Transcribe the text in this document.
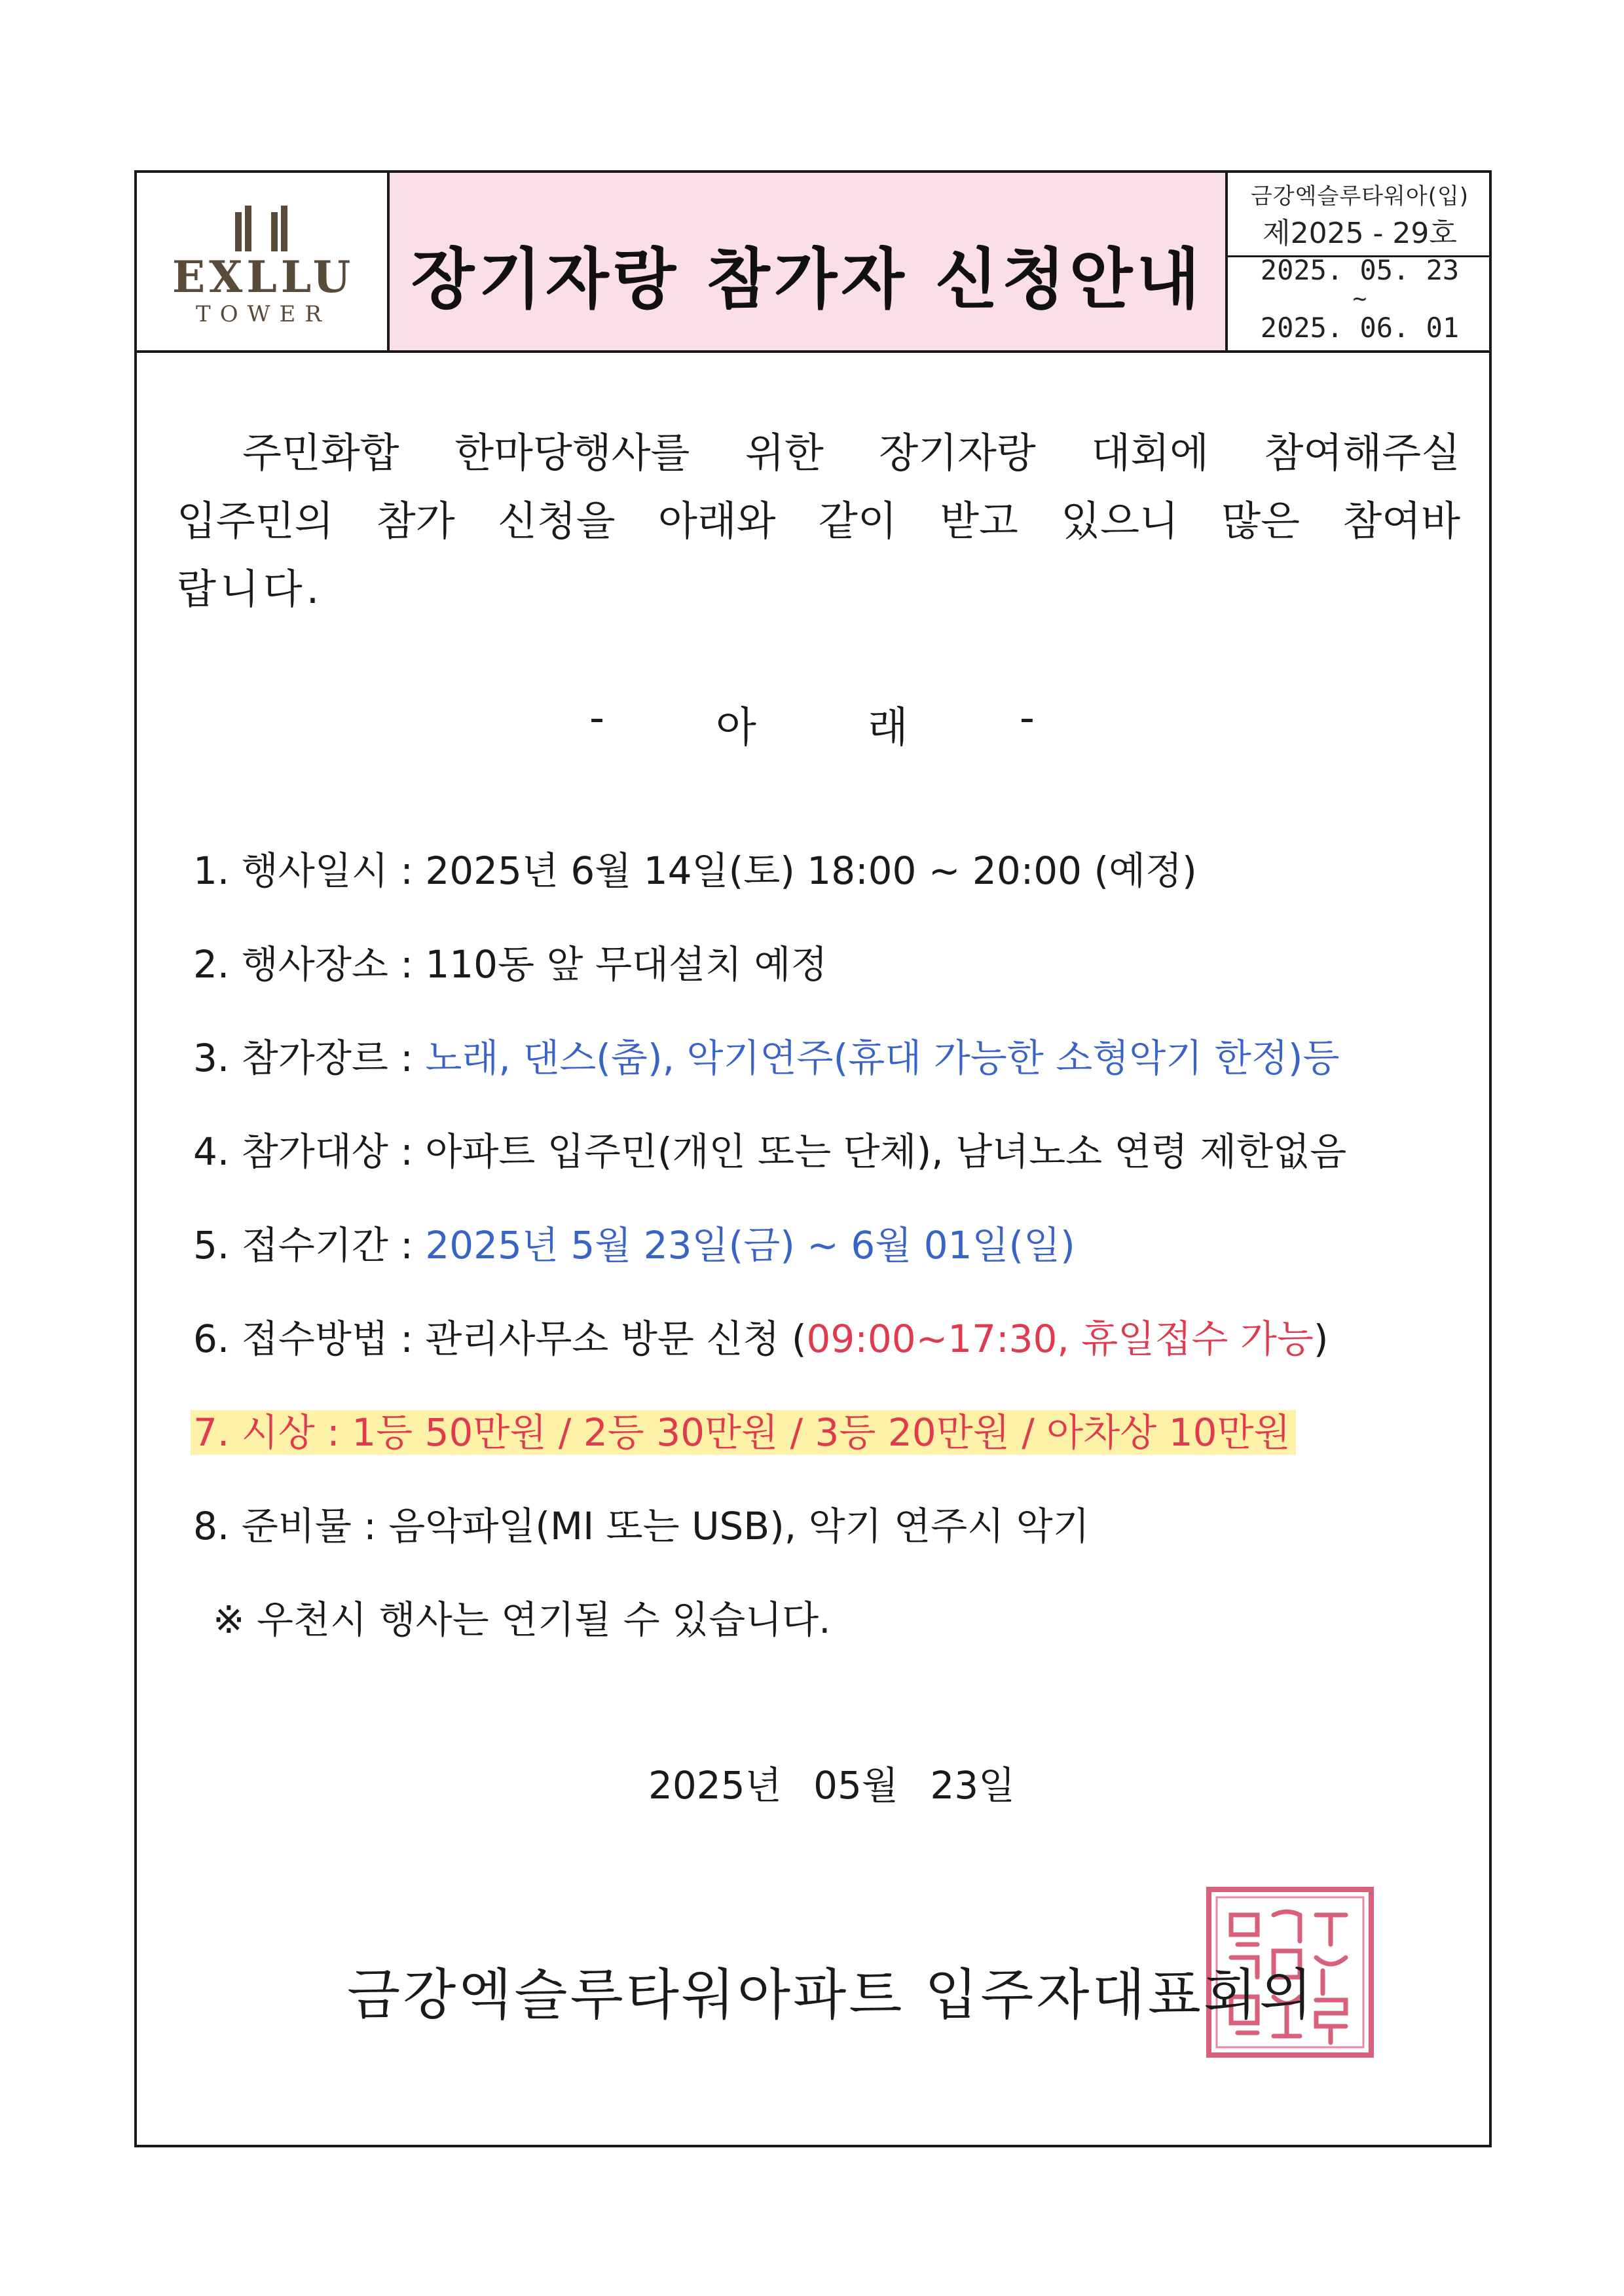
EXLLU
TOWER	장기자랑 참가자 신청안내
금강엑슬루타워아(입)
제2025 - 29호
2025. 05. 23
~
2025. 06. 01
주민화합 한마당행사를 위한 장기자랑 대회에 참여해주실
입주민의 참가 신청을 아래와 같이 받고 있으니 많은 참여바
랍니다.
-	아	래	-
1. 행사일시 : 2025년 6월 14일(토) 18:00 ∼ 20:00 (예정)
2. 행사장소 : 110동 앞 무대설치 예정
3. 참가장르 : 노래, 댄스(춤), 악기연주(휴대 가능한 소형악기 한정)등
4. 참가대상 : 아파트 입주민(개인 또는 단체), 남녀노소 연령 제한없음
5. 접수기간 : 2025년 5월 23일(금) ∼ 6월 01일(일)
6. 접수방법 : 관리사무소 방문 신청 (09:00∼17:30, 휴일접수 가능)
7. 시상 : 1등 50만원 / 2등 30만원 / 3등 20만원 / 아차상 10만원
8. 준비물 : 음악파일(MI 또는 USB), 악기 연주시 악기
※ 우천시 행사는 연기될 수 있습니다.
2025년 05월 23일
금강엑슬루타워아파트 입주자대표회의
